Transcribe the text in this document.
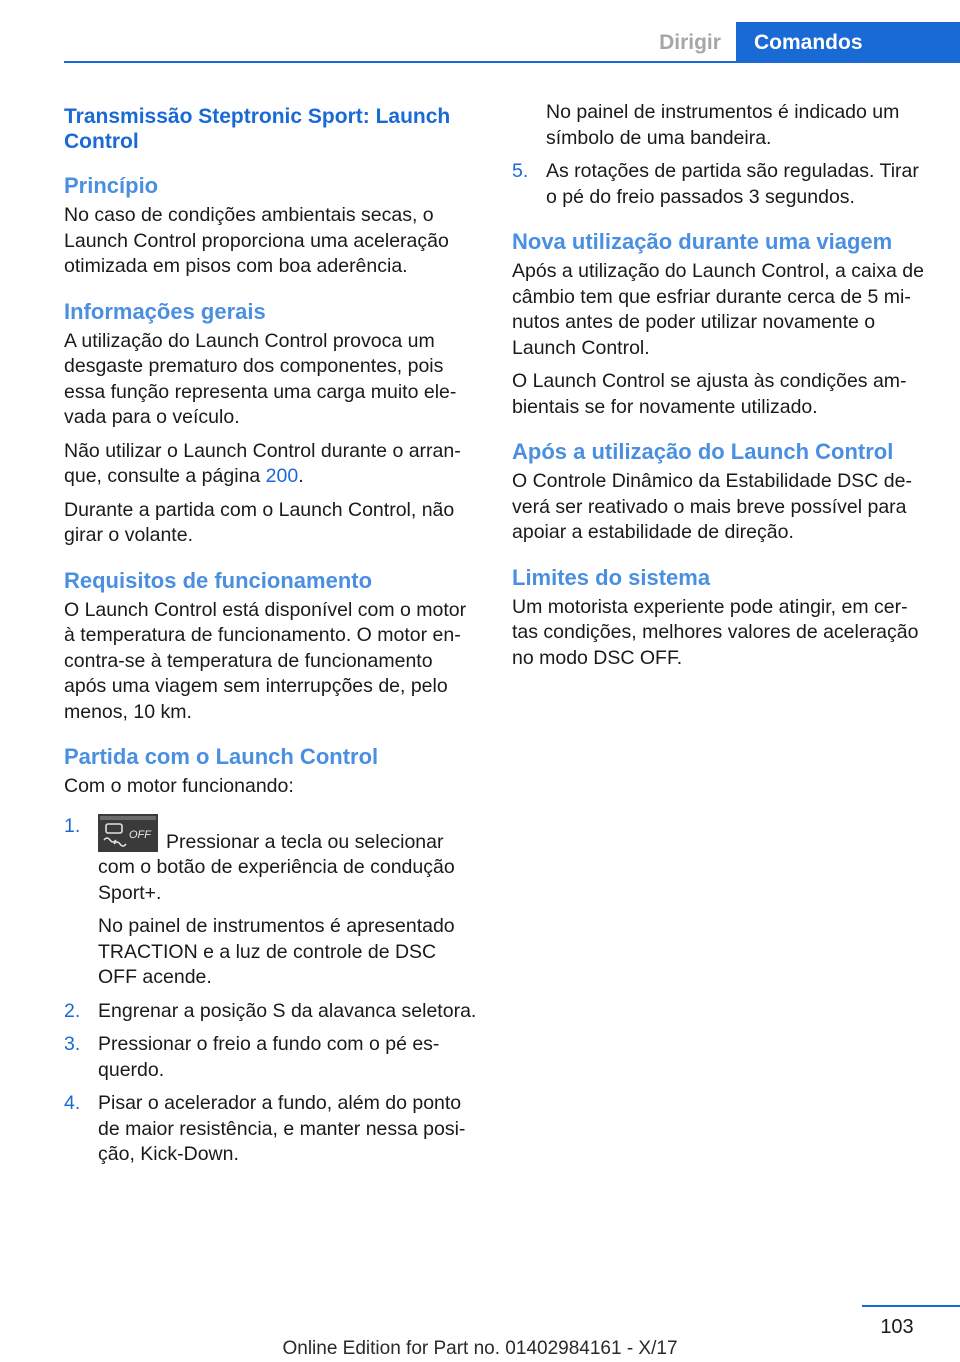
Dirigir	Comandos
Transmissão Steptronic Sport: Launch Control
Princípio

No caso de condições ambientais secas, o Launch Control proporciona uma aceleração otimizada em pisos com boa aderência.

Informações gerais

A utilização do Launch Control provoca um desgaste prematuro dos componentes, pois essa função representa uma carga muito ele-vada para o veículo.

Não utilizar o Launch Control durante o arran-que, consulte a página 200.

Durante a partida com o Launch Control, não girar o volante.

Requisitos de funcionamento

O Launch Control está disponível com o motor à temperatura de funcionamento. O motor en-contra-se à temperatura de funcionamento após uma viagem sem interrupções de, pelo menos, 10 km.

Partida com o Launch Control

Com o motor funcionando:

1.	OFF Pressionar a tecla ou selecionar com o botão de experiência de condução Sport+.

No painel de instrumentos é apresentado TRACTION e a luz de controle de DSC OFF acende.

2. Engrenar a posição S da alavanca seletora.

3. Pressionar o freio a fundo com o pé es-querdo.

4. Pisar o acelerador a fundo, além do ponto de maior resistência, e manter nessa posi-ção, Kick-Down.

No painel de instrumentos é indicado um símbolo de uma bandeira.

5. As rotações de partida são reguladas. Tirar o pé do freio passados 3 segundos.

Nova utilização durante uma viagem

Após a utilização do Launch Control, a caixa de câmbio tem que esfriar durante cerca de 5 mi-nutos antes de poder utilizar novamente o Launch Control.

O Launch Control se ajusta às condições am-bientais se for novamente utilizado.

Após a utilização do Launch Control

O Controle Dinâmico da Estabilidade DSC de-verá ser reativado o mais breve possível para apoiar a estabilidade de direção.

Limites do sistema

Um motorista experiente pode atingir, em cer-tas condições, melhores valores de aceleração no modo DSC OFF.

103
Online Edition for Part no. 01402984161 - X/17
